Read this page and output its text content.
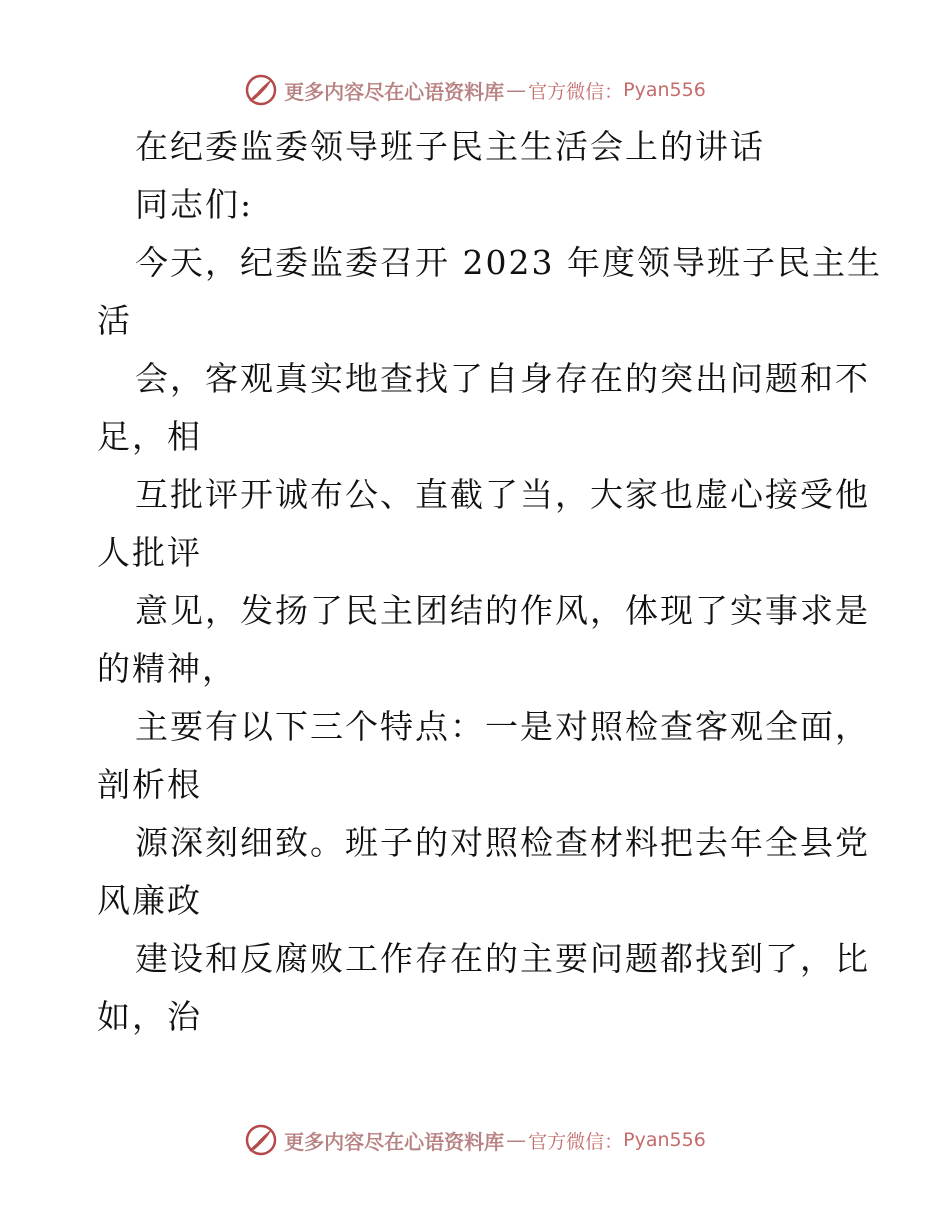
更多内容尽在心语资料库 — 官方微信： Pyan556
在纪委监委领导班子民主生活会上的讲话
同志们:
今天，纪委监委召开 2023 年度领导班子民主生
活
会，客观真实地查找了自身存在的突出问题和不
足，相
互批评开诚布公、直截了当，大家也虚心接受他
人批评
意见，发扬了民主团结的作风，体现了实事求是
的精神，
主要有以下三个特点：一是对照检查客观全面，
剖析根
源深刻细致。班子的对照检查材料把去年全县党
风廉政
建设和反腐败工作存在的主要问题都找到了，比
如，治
更多内容尽在心语资料库 — 官方微信： Pyan556
